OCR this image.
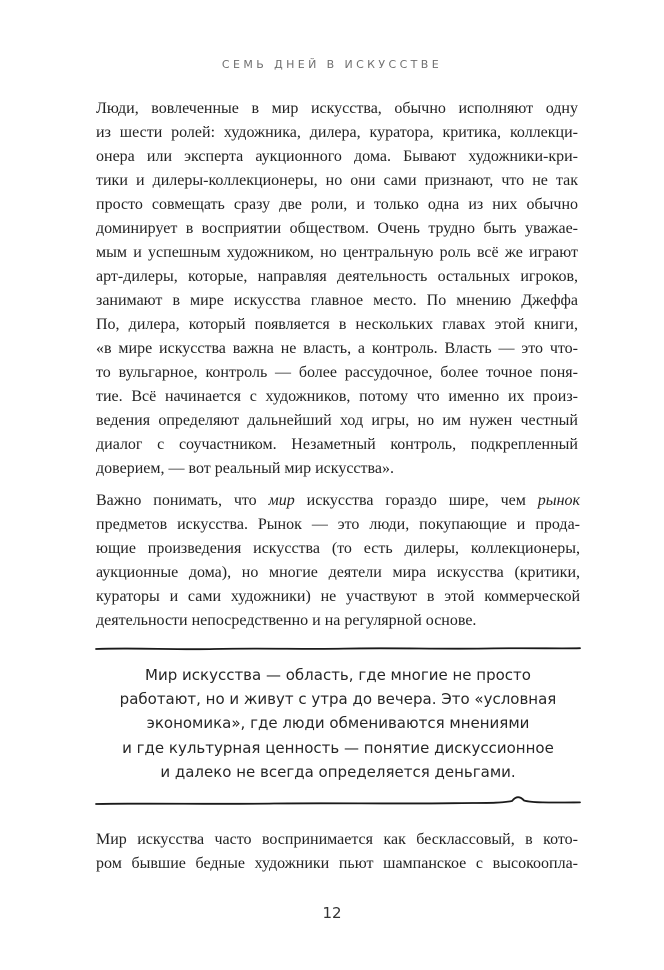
СЕМЬ ДНЕЙ В ИСКУССТВЕ
Люди, вовлеченные в мир искусства, обычно исполняют одну
из шести ролей: художника, дилера, куратора, критика, коллекци-
онера или эксперта аукционного дома. Бывают художники-кри-
тики и дилеры-коллекционеры, но они сами признают, что не так
просто совмещать сразу две роли, и только одна из них обычно
доминирует в восприятии обществом. Очень трудно быть уважае-
мым и успешным художником, но центральную роль всё же играют
арт-дилеры, которые, направляя деятельность остальных игроков,
занимают в мире искусства главное место. По мнению Джеффа
По, дилера, который появляется в нескольких главах этой книги,
«в мире искусства важна не власть, а контроль. Власть — это что-
то вульгарное, контроль — более рассудочное, более точное поня-
тие. Всё начинается с художников, потому что именно их произ-
ведения определяют дальнейший ход игры, но им нужен честный
диалог с соучастником. Незаметный контроль, подкрепленный
доверием, — вот реальный мир искусства».
Важно понимать, что мир искусства гораздо шире, чем рынок
предметов искусства. Рынок — это люди, покупающие и прода-
ющие произведения искусства (то есть дилеры, коллекционеры,
аукционные дома), но многие деятели мира искусства (критики,
кураторы и сами художники) не участвуют в этой коммерческой
деятельности непосредственно и на регулярной основе.
Мир искусства — область, где многие не просто
работают, но и живут с утра до вечера. Это «условная
экономика», где люди обмениваются мнениями
и где культурная ценность — понятие дискуссионное
и далеко не всегда определяется деньгами.
Мир искусства часто воспринимается как бесклассовый, в кото-
ром бывшие бедные художники пьют шампанское с высокоопла-
12
